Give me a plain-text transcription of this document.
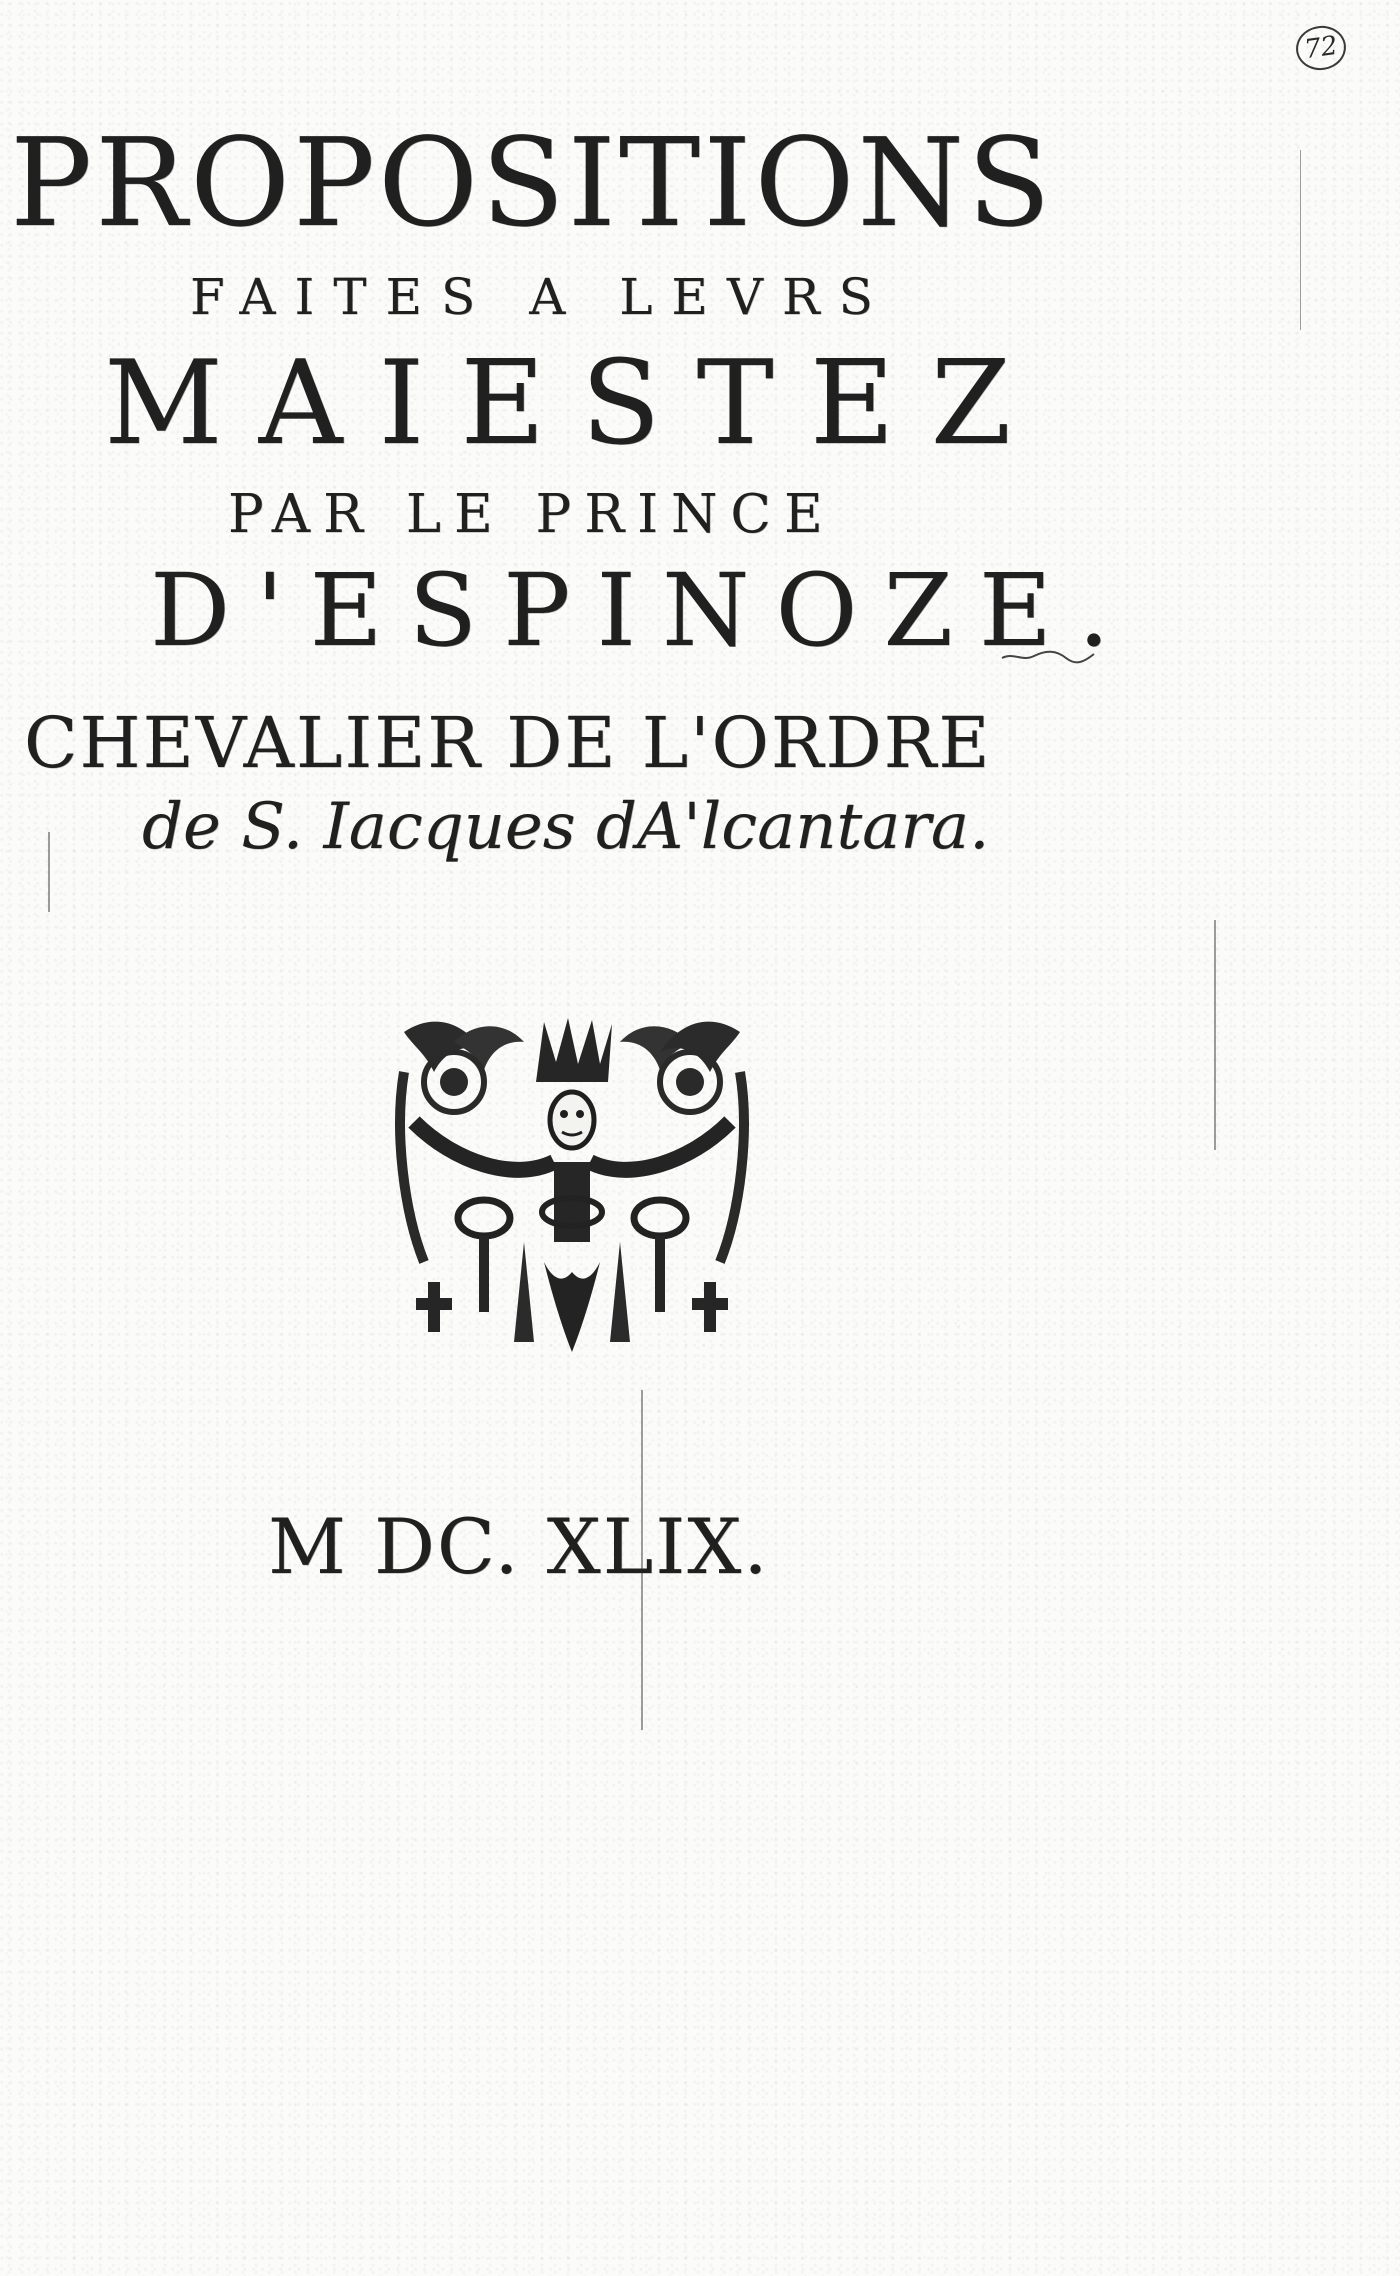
72
PROPOSITIONS
FAITES A LEVRS
MAIESTEZ
PAR LE PRINCE
D'ESPINOZE.
CHEVALIER DE L'ORDRE
de S. Iacques dA'lcantara.
M DC. XLIX.
